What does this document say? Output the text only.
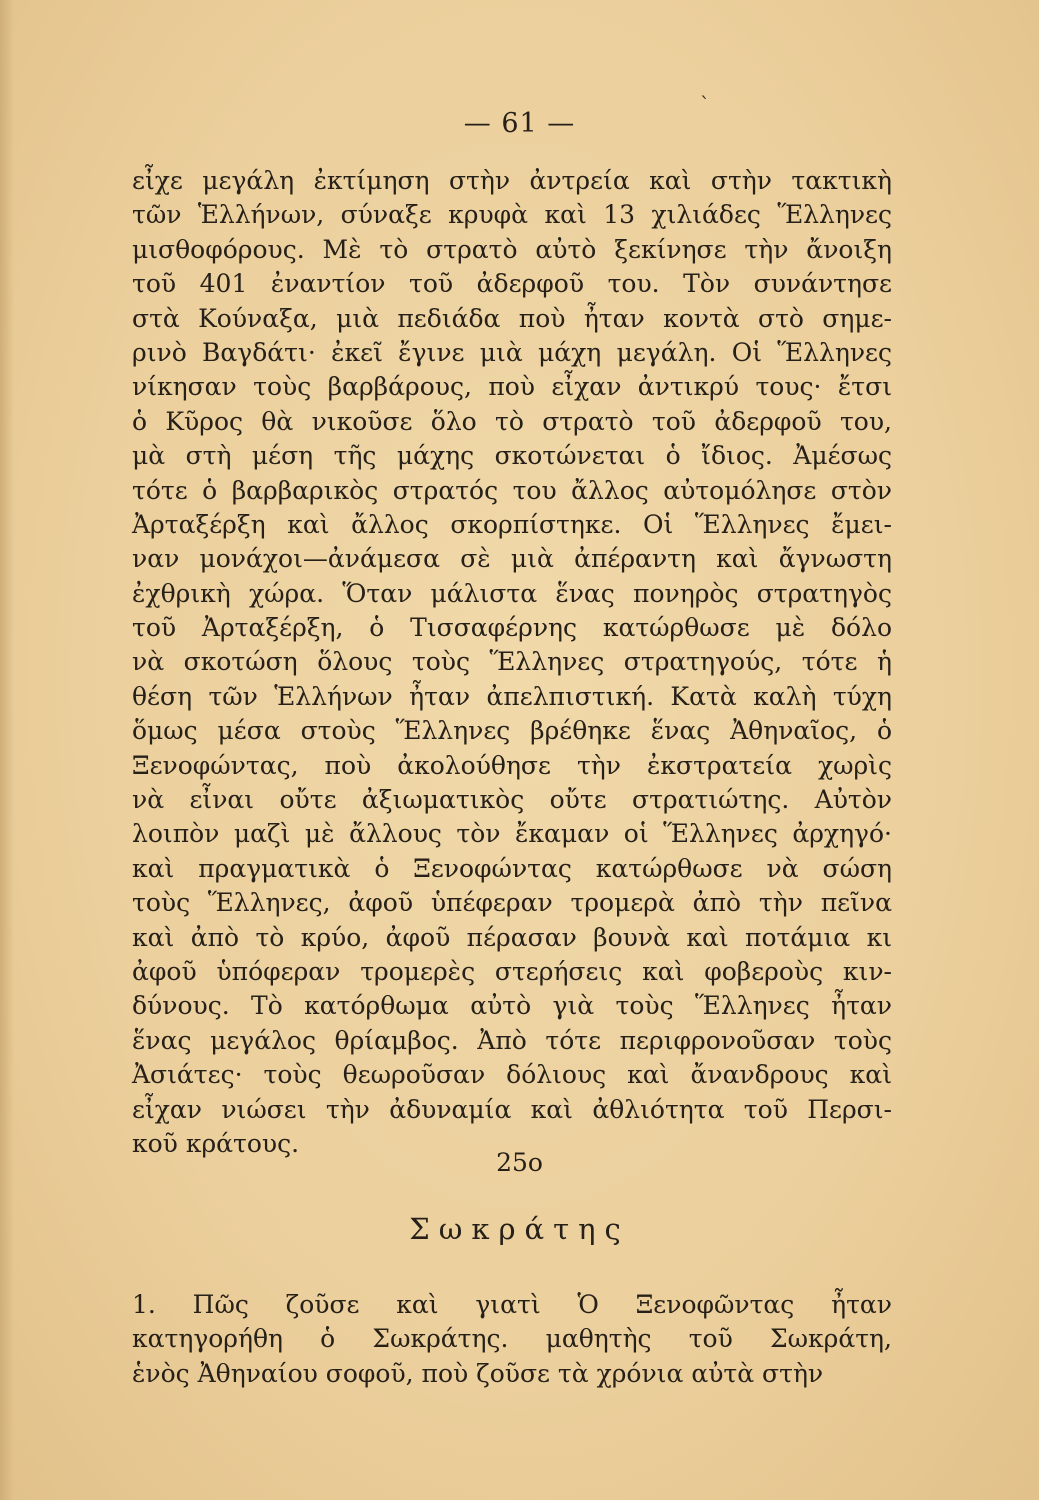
ˋ
— 61 —
εἶχε μεγάλη ἐκτίμηση στὴν ἀντρεία καὶ στὴν τακτικὴ
τῶν Ἑλλήνων, σύναξε κρυφὰ καὶ 13 χιλιάδες Ἕλληνες
μισθοφόρους. Μὲ τὸ στρατὸ αὐτὸ ξεκίνησε τὴν ἄνοιξη
τοῦ 401 ἐναντίον τοῦ ἀδερφοῦ του. Τὸν συνάντησε
στὰ Κούναξα, μιὰ πεδιάδα ποὺ ἦταν κοντὰ στὸ σημε-
ρινὸ Βαγδάτι· ἐκεῖ ἔγινε μιὰ μάχη μεγάλη. Οἱ Ἕλληνες
νίκησαν τοὺς βαρβάρους, ποὺ εἶχαν ἀντικρύ τους· ἔτσι
ὁ Κῦρος θὰ νικοῦσε ὅλο τὸ στρατὸ τοῦ ἀδερφοῦ του,
μὰ στὴ μέση τῆς μάχης σκοτώνεται ὁ ἴδιος. Ἀμέσως
τότε ὁ βαρβαρικὸς στρατός του ἄλλος αὐτομόλησε στὸν
Ἀρταξέρξη καὶ ἄλλος σκορπίστηκε. Οἱ Ἕλληνες ἔμει-
ναν μονάχοι—ἀνάμεσα σὲ μιὰ ἀπέραντη καὶ ἄγνωστη
ἐχθρικὴ χώρα. Ὅταν μάλιστα ἕνας πονηρὸς στρατηγὸς
τοῦ Ἀρταξέρξη, ὁ Τισσαφέρνης κατώρθωσε μὲ δόλο
νὰ σκοτώση ὅλους τοὺς Ἕλληνες στρατηγούς, τότε ἡ
θέση τῶν Ἑλλήνων ἦταν ἀπελπιστική. Κατὰ καλὴ τύχη
ὅμως μέσα στοὺς Ἕλληνες βρέθηκε ἕνας Ἀθηναῖος, ὁ
Ξενοφώντας, ποὺ ἀκολούθησε τὴν ἐκστρατεία χωρὶς
νὰ εἶναι οὔτε ἀξιωματικὸς οὔτε στρατιώτης. Αὐτὸν
λοιπὸν μαζὶ μὲ ἄλλους τὸν ἔκαμαν οἱ Ἕλληνες ἀρχηγό·
καὶ πραγματικὰ ὁ Ξενοφώντας κατώρθωσε νὰ σώση
τοὺς Ἕλληνες, ἀφοῦ ὑπέφεραν τρομερὰ ἀπὸ τὴν πεῖνα
καὶ ἀπὸ τὸ κρύο, ἀφοῦ πέρασαν βουνὰ καὶ ποτάμια κι
ἀφοῦ ὑπόφεραν τρομερὲς στερήσεις καὶ φοβεροὺς κιν-
δύνους. Τὸ κατόρθωμα αὐτὸ γιὰ τοὺς Ἕλληνες ἦταν
ἕνας μεγάλος θρίαμβος. Ἀπὸ τότε περιφρονοῦσαν τοὺς
Ἀσιάτες· τοὺς θεωροῦσαν δόλιους καὶ ἄνανδρους καὶ
εἶχαν νιώσει τὴν ἀδυναμία καὶ ἀθλιότητα τοῦ Περσι-
κοῦ κράτους.
25ο
Σωκράτης
1. Πῶς ζοῦσε καὶ γιατὶ Ὁ Ξενοφῶντας ἦταν
κατηγορήθη ὁ Σωκράτης. μαθητὴς τοῦ Σωκράτη,
ἑνὸς Ἀθηναίου σοφοῦ, ποὺ ζοῦσε τὰ χρόνια αὐτὰ στὴν
